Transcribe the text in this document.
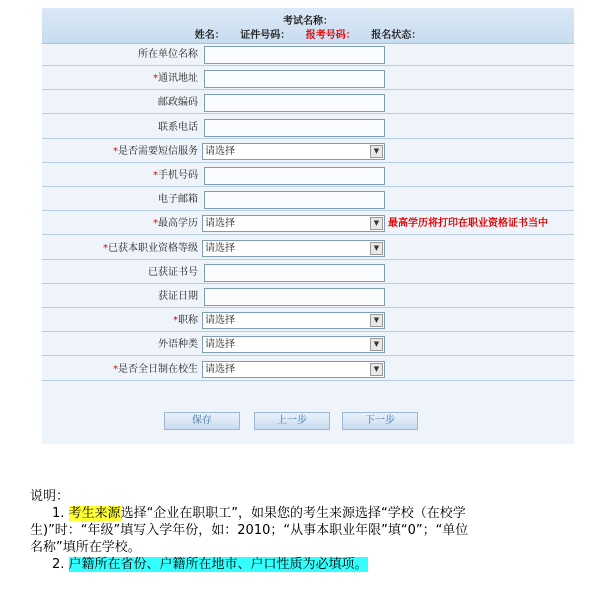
考试名称：
姓名： 证件号码： 报考号码： 报名状态：
所在单位名称
*通讯地址
邮政编码
联系电话
*是否需要短信服务 请选择	▼
*手机号码
电子邮箱
*最高学历 请选择	▼ 最高学历将打印在职业资格证书当中
*已获本职业资格等级 请选择	▼
已获证书号
获证日期
*职称 请选择	▼
外语种类 请选择	▼
*是否全日制在校生 请选择	▼
保存	上一步	下一步

说明：

1. 考生来源选择“企业在职职工”，如果您的考生来源选择“学校（在校学

生)”时：“年级”填写入学年份，如：2010；“从事本职业年限”填“0”；“单位

名称”填所在学校。

2. 户籍所在省份、户籍所在地市、户口性质为必填项。
